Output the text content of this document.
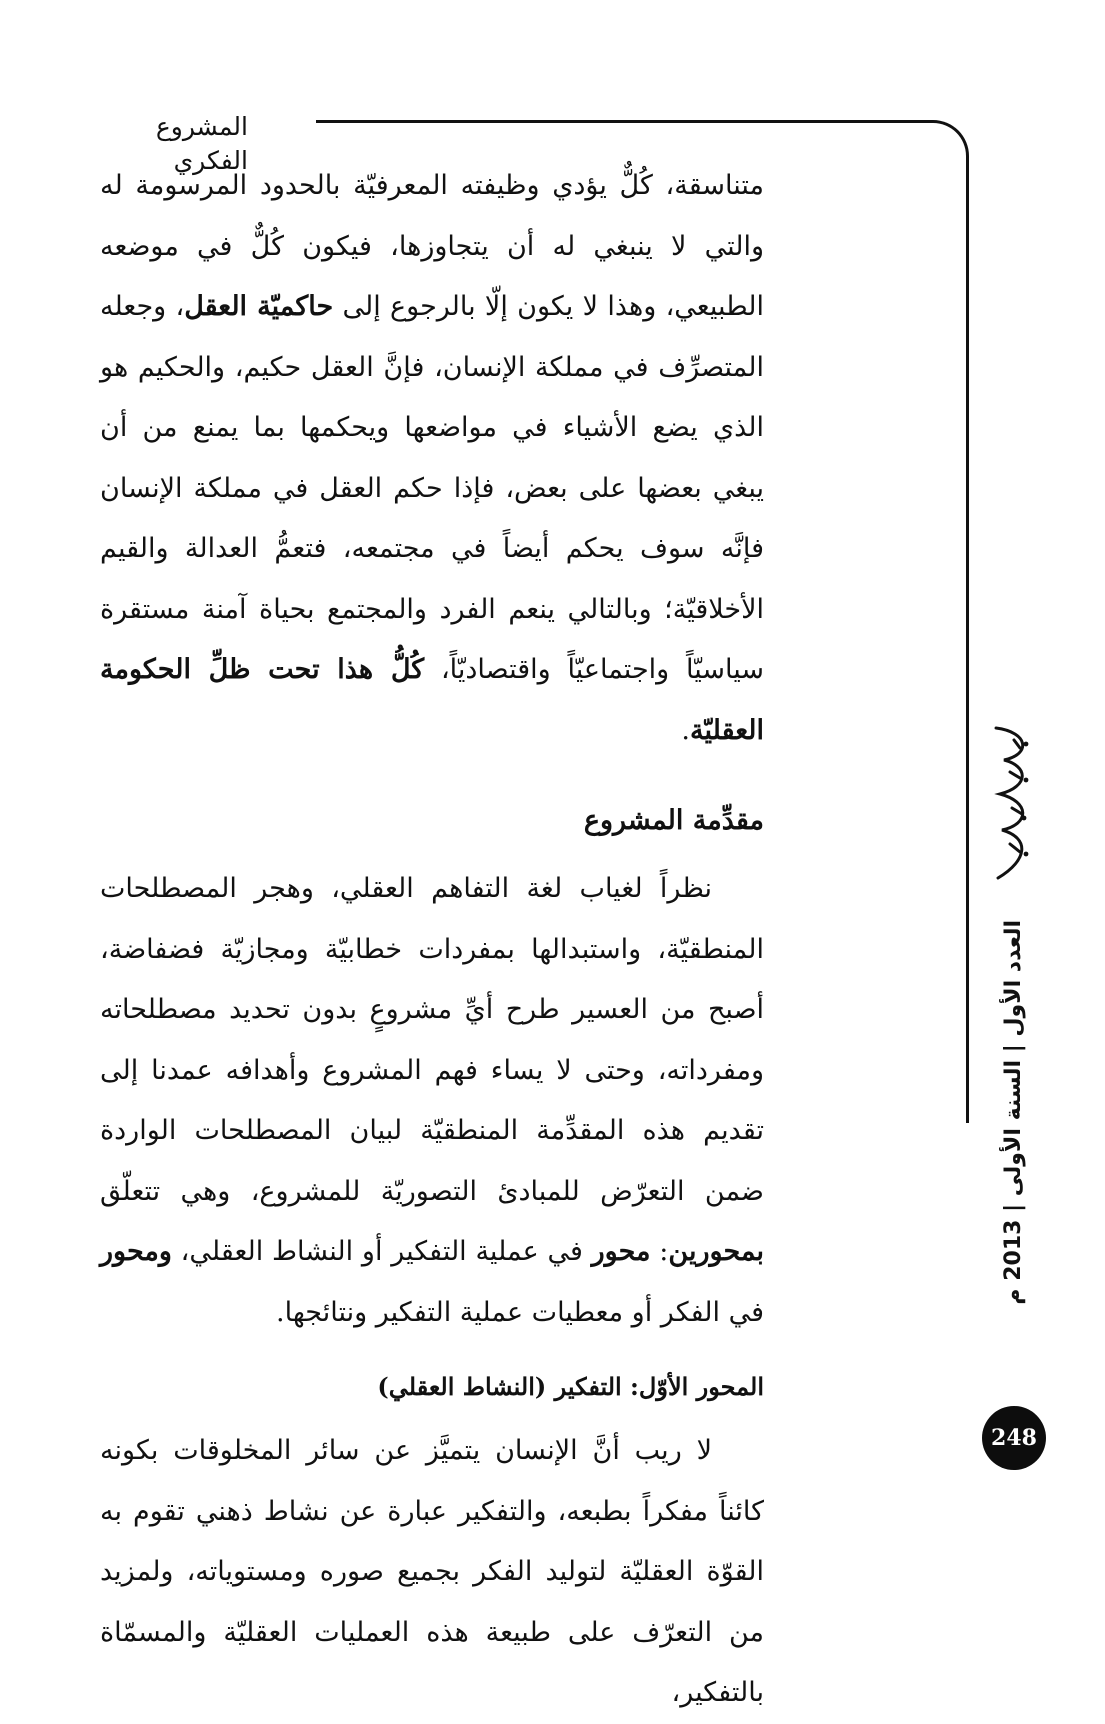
المشروع الفكري

متناسقة، كُلٌّ يؤدي وظيفته المعرفيّة بالحدود المرسومة له والتي لا ينبغي له أن يتجاوزها، فيكون كُلٌّ في موضعه الطبيعي، وهذا لا يكون إلّا بالرجوع إلى حاكميّة العقل، وجعله المتصرِّف في مملكة الإنسان، فإنَّ العقل حكيم، والحكيم هو الذي يضع الأشياء في مواضعها ويحكمها بما يمنع من أن يبغي بعضها على بعض، فإذا حكم العقل في مملكة الإنسان فإنَّه سوف يحكم أيضاً في مجتمعه، فتعمُّ العدالة والقيم الأخلاقيّة؛ وبالتالي ينعم الفرد والمجتمع بحياة آمنة مستقرة سياسيّاً واجتماعيّاً واقتصاديّاً، كُلُّ هذا تحت ظلِّ الحكومة العقليّة.

مقدِّمة المشروع

نظراً لغياب لغة التفاهم العقلي، وهجر المصطلحات المنطقيّة، واستبدالها بمفردات خطابيّة ومجازيّة فضفاضة، أصبح من العسير طرح أيِّ مشروعٍ بدون تحديد مصطلحاته ومفرداته، وحتى لا يساء فهم المشروع وأهدافه عمدنا إلى تقديم هذه المقدِّمة المنطقيّة لبيان المصطلحات الواردة ضمن التعرّض للمبادئ التصوريّة للمشروع، وهي تتعلّق بمحورين: محور في عملية التفكير أو النشاط العقلي، ومحور في الفكر أو معطيات عملية التفكير ونتائجها.

المحور الأوّل: التفكير (النشاط العقلي)

لا ريب أنَّ الإنسان يتميَّز عن سائر المخلوقات بكونه كائناً مفكراً بطبعه، والتفكير عبارة عن نشاط ذهني تقوم به القوّة العقليّة لتوليد الفكر بجميع صوره ومستوياته، ولمزيد من التعرّف على طبيعة هذه العمليات العقليّة والمسمّاة بالتفكير،

العدد الأول | السنة الأولى | 2013 م
248
